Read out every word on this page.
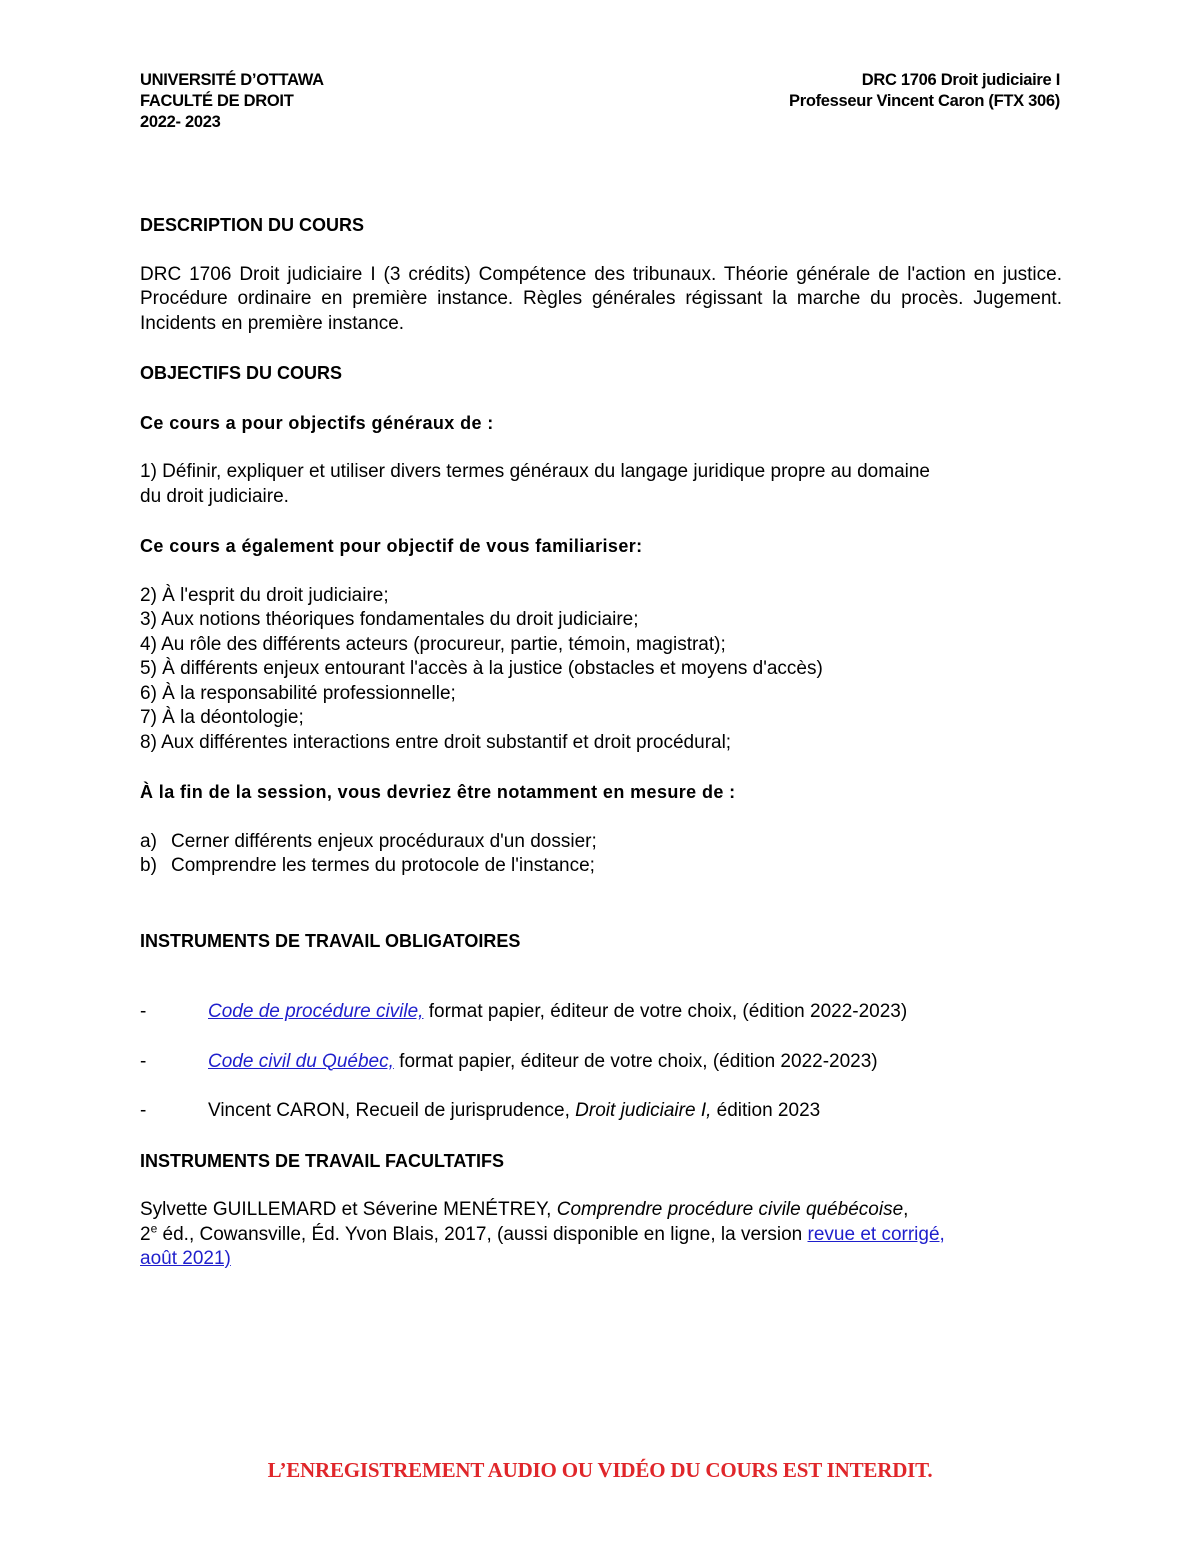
UNIVERSITÉ D’OTTAWA
FACULTÉ DE DROIT
2022- 2023
DRC 1706 Droit judiciaire I
Professeur Vincent Caron (FTX 306)
DESCRIPTION DU COURS

DRC 1706 Droit judiciaire I (3 crédits) Compétence des tribunaux. Théorie générale de l'action en justice. Procédure ordinaire en première instance. Règles générales régissant la marche du procès. Jugement. Incidents en première instance.

OBJECTIFS DU COURS

Ce cours a pour objectifs généraux de :

1) Définir, expliquer et utiliser divers termes généraux du langage juridique propre au domaine
du droit judiciaire.

Ce cours a également pour objectif de vous familiariser:

2) À l'esprit du droit judiciaire;
3) Aux notions théoriques fondamentales du droit judiciaire;
4) Au rôle des différents acteurs (procureur, partie, témoin, magistrat);
5) À différents enjeux entourant l'accès à la justice (obstacles et moyens d'accès)
6) À la responsabilité professionnelle;
7) À la déontologie;
8) Aux différentes interactions entre droit substantif et droit procédural;

À la fin de la session, vous devriez être notamment en mesure de :

a) Cerner différents enjeux procéduraux d'un dossier;
b) Comprendre les termes du protocole de l'instance;
INSTRUMENTS DE TRAVAIL OBLIGATOIRES
-	Code de procédure civile, format papier, éditeur de votre choix, (édition 2022-2023)
-	Code civil du Québec, format papier, éditeur de votre choix, (édition 2022-2023)
-	Vincent CARON, Recueil de jurisprudence, Droit judiciaire I, édition 2023
INSTRUMENTS DE TRAVAIL FACULTATIFS
Sylvette GUILLEMARD et Séverine MENÉTREY, Comprendre procédure civile québécoise,
2e éd., Cowansville, Éd. Yvon Blais, 2017, (aussi disponible en ligne, la version revue et corrigé,
août 2021)
L’ENREGISTREMENT AUDIO OU VIDÉO DU COURS EST INTERDIT.
